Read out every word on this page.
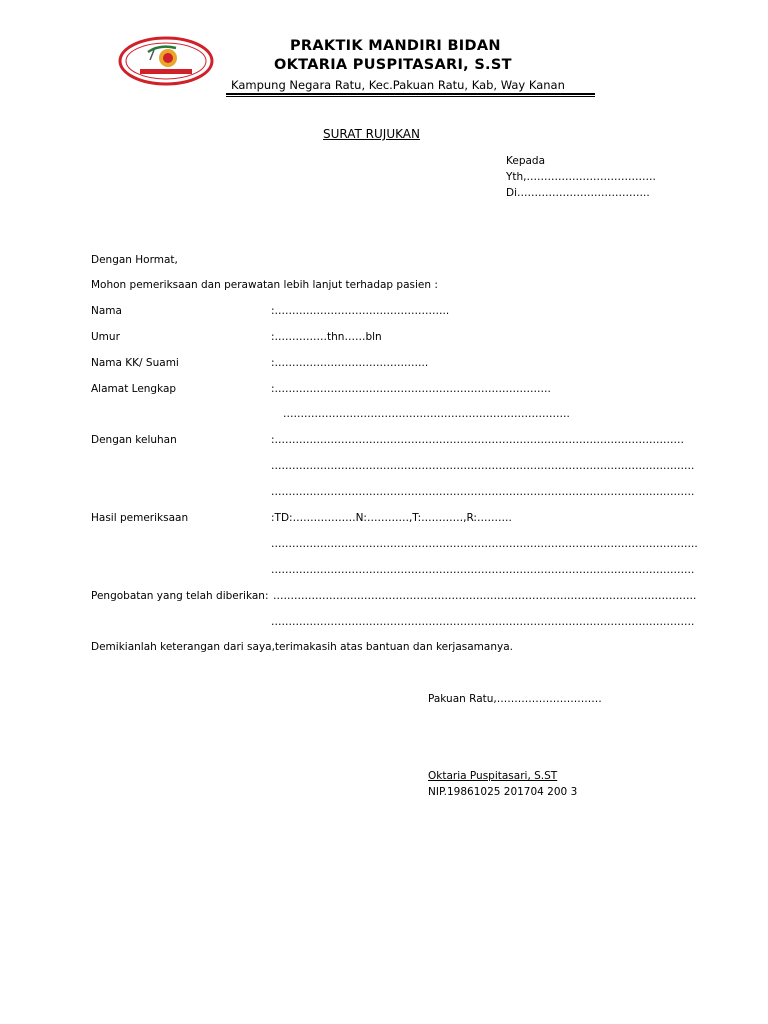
PRAKTIK MANDIRI BIDAN
OKTARIA PUSPITASARI, S.ST
Kampung Negara Ratu, Kec.Pakuan Ratu, Kab, Way Kanan
SURAT RUJUKAN
Kepada
Yth,……………………………….
Di………………………………..
Dengan Hormat,
Mohon pemeriksaan dan perawatan lebih lanjut terhadap pasien :
Nama	:…………………………………………..
Umur	:……………thn……bln
Nama KK/ Suami	:……………………………………..
Alamat Lengkap	:…………………………………………………………………….
……………………………………………………………………….
Dengan keluhan	:………………………………………………………………………………………………………
………………………………………………………………………………………………………….
………………………………………………………………………………………………………….
Hasil pemeriksaan	:TD:………………N:…………,T:…………,R:……….
…………………………………………………………………………………………………………..
………………………………………………………………………………………………………….
Pengobatan yang telah diberikan: ………………………………………………………………………………………………………….
………………………………………………………………………………………………………….
Demikianlah keterangan dari saya,terimakasih atas bantuan dan kerjasamanya.
Pakuan Ratu,…………………………
Oktaria Puspitasari, S.ST
NIP.19861025 201704 200 3
